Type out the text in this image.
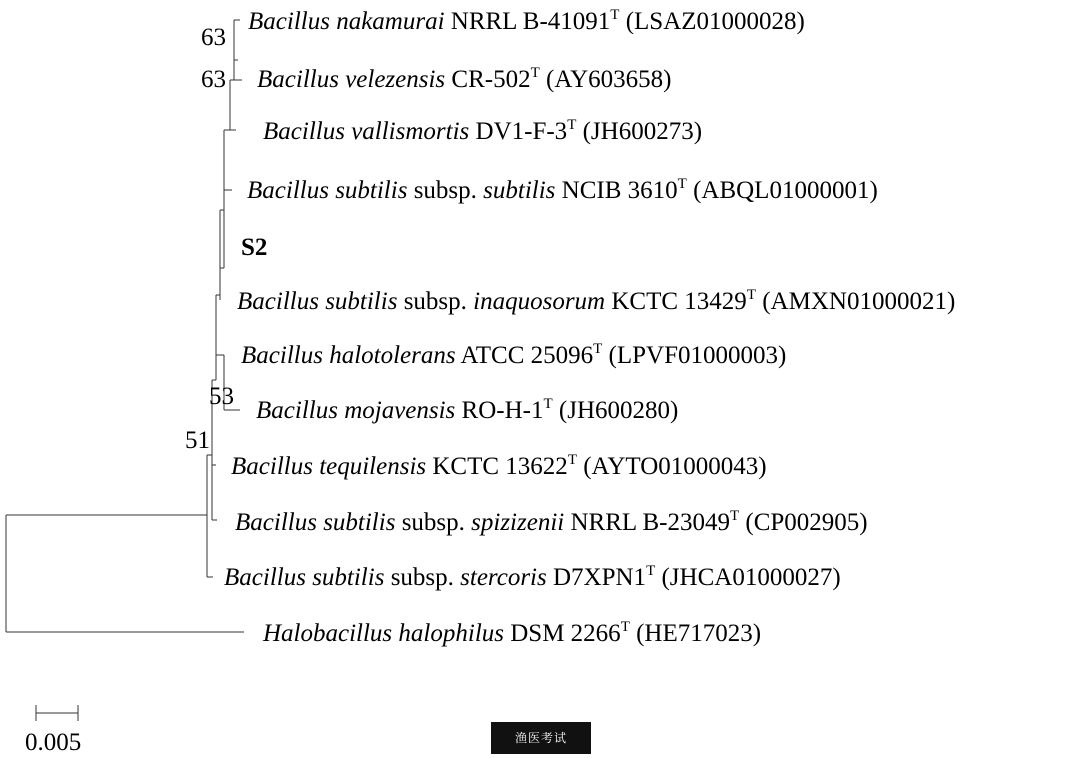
Bacillus nakamurai NRRL $B-41091^T$ (LSAZ01000028)
Bacillus velezensis $CR-502^T$ (AY603658)
Bacillus vallismortis $DV1-F-3^T$ (JH600273)
Bacillus subtilis subsp. subtilis NCIB $3610^T$ (ABQL01000001)
S2
Bacillus subtilis subsp. inaquosorum KCTC $13429^T$ (AMXN01000021)
Bacillus halotolerans ATCC $25096^T$ (LPVF01000003)
Bacillus mojavensis $RO-H-1^T$ (JH600280)
Bacillus tequilensis KCTC $13622^T$ (AYTO01000043)
Bacillus subtilis subsp. spizizenii NRRL $B-23049^T$ (CP002905)
Bacillus subtilis subsp. stercoris $D7XPN1^T$ (JHCA01000027)
Halobacillus halophilus DSM $2266^T$ (HE717023)
63
63
53
51
0.005	渔医考试
